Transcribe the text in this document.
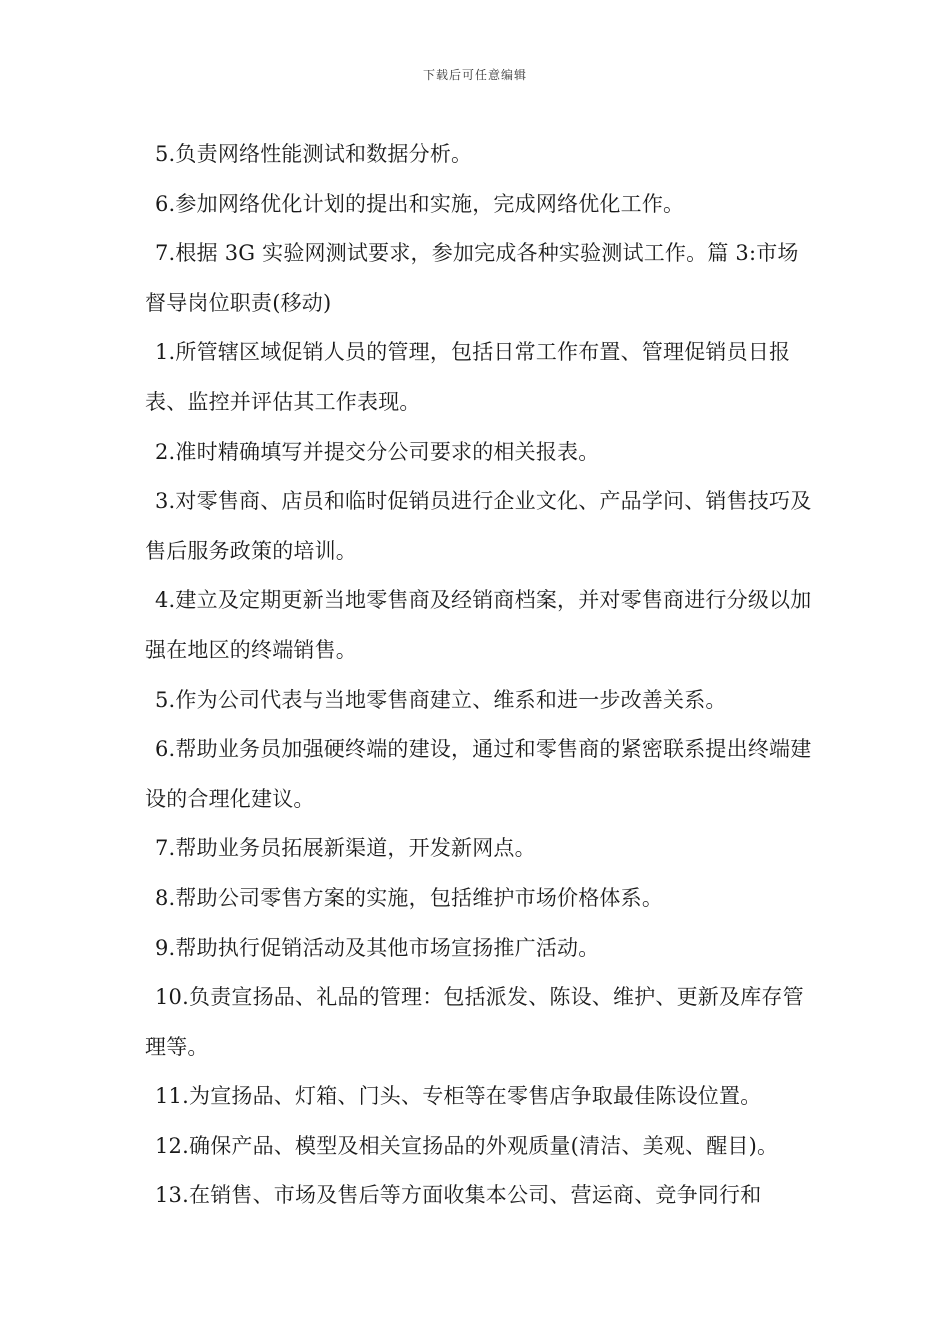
下载后可任意编辑

5.负责网络性能测试和数据分析。

6.参加网络优化计划的提出和实施，完成网络优化工作。

7.根据 3G 实验网测试要求，参加完成各种实验测试工作。篇 3:市场督导岗位职责(移动)

1.所管辖区域促销人员的管理，包括日常工作布置、管理促销员日报表、监控并评估其工作表现。

2.准时精确填写并提交分公司要求的相关报表。

3.对零售商、店员和临时促销员进行企业文化、产品学问、销售技巧及售后服务政策的培训。

4.建立及定期更新当地零售商及经销商档案，并对零售商进行分级以加强在地区的终端销售。

5.作为公司代表与当地零售商建立、维系和进一步改善关系。

6.帮助业务员加强硬终端的建设，通过和零售商的紧密联系提出终端建设的合理化建议。

7.帮助业务员拓展新渠道，开发新网点。

8.帮助公司零售方案的实施，包括维护市场价格体系。

9.帮助执行促销活动及其他市场宣扬推广活动。

10.负责宣扬品、礼品的管理：包括派发、陈设、维护、更新及库存管理等。

11.为宣扬品、灯箱、门头、专柜等在零售店争取最佳陈设位置。

12.确保产品、模型及相关宣扬品的外观质量(清洁、美观、醒目)。

13.在销售、市场及售后等方面收集本公司、营运商、竞争同行和
